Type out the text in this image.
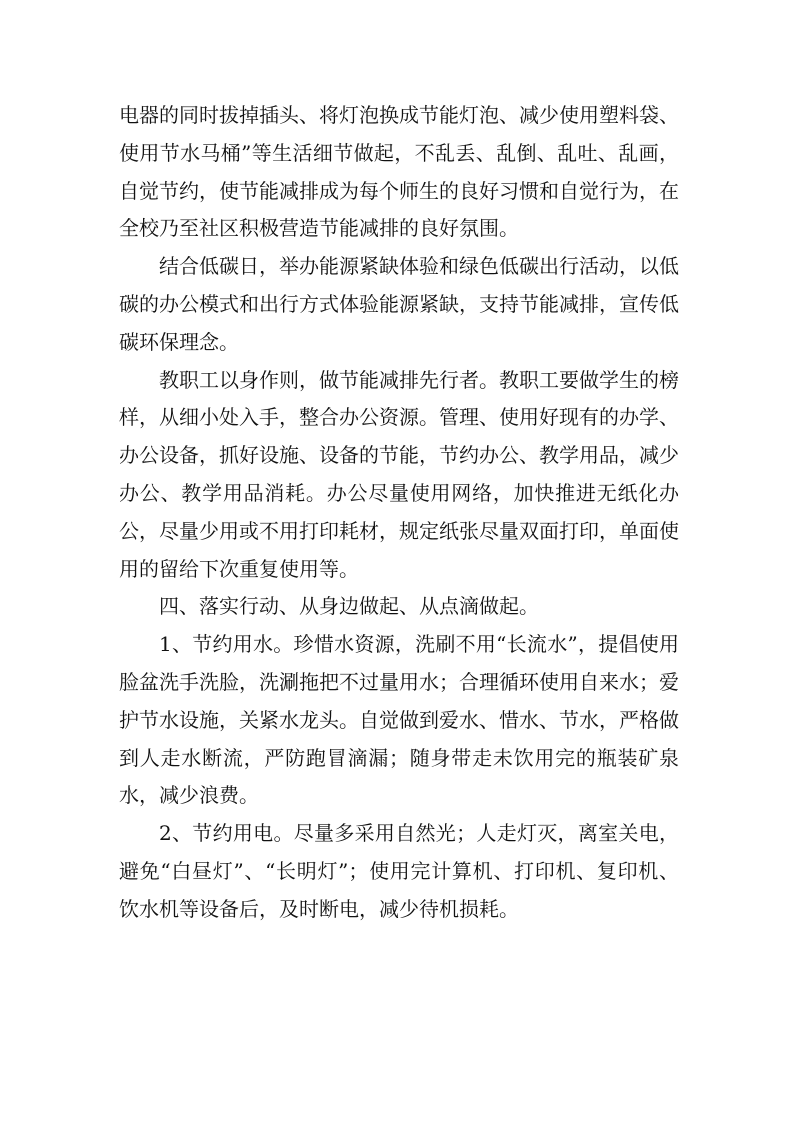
电器的同时拔掉插头、将灯泡换成节能灯泡、减少使用塑料袋、使用节水马桶”等生活细节做起，不乱丢、乱倒、乱吐、乱画，自觉节约，使节能减排成为每个师生的良好习惯和自觉行为，在全校乃至社区积极营造节能减排的良好氛围。

结合低碳日，举办能源紧缺体验和绿色低碳出行活动，以低碳的办公模式和出行方式体验能源紧缺，支持节能减排，宣传低碳环保理念。

教职工以身作则，做节能减排先行者。教职工要做学生的榜样，从细小处入手，整合办公资源。管理、使用好现有的办学、办公设备，抓好设施、设备的节能，节约办公、教学用品，减少办公、教学用品消耗。办公尽量使用网络，加快推进无纸化办公，尽量少用或不用打印耗材，规定纸张尽量双面打印，单面使用的留给下次重复使用等。

四、落实行动、从身边做起、从点滴做起。

1、节约用水。珍惜水资源，洗刷不用“长流水”，提倡使用脸盆洗手洗脸，洗涮拖把不过量用水；合理循环使用自来水；爱护节水设施，关紧水龙头。自觉做到爱水、惜水、节水，严格做到人走水断流，严防跑冒滴漏；随身带走未饮用完的瓶装矿泉水，减少浪费。

2、节约用电。尽量多采用自然光；人走灯灭，离室关电，避免“白昼灯”、“长明灯”；使用完计算机、打印机、复印机、饮水机等设备后，及时断电，减少待机损耗。
